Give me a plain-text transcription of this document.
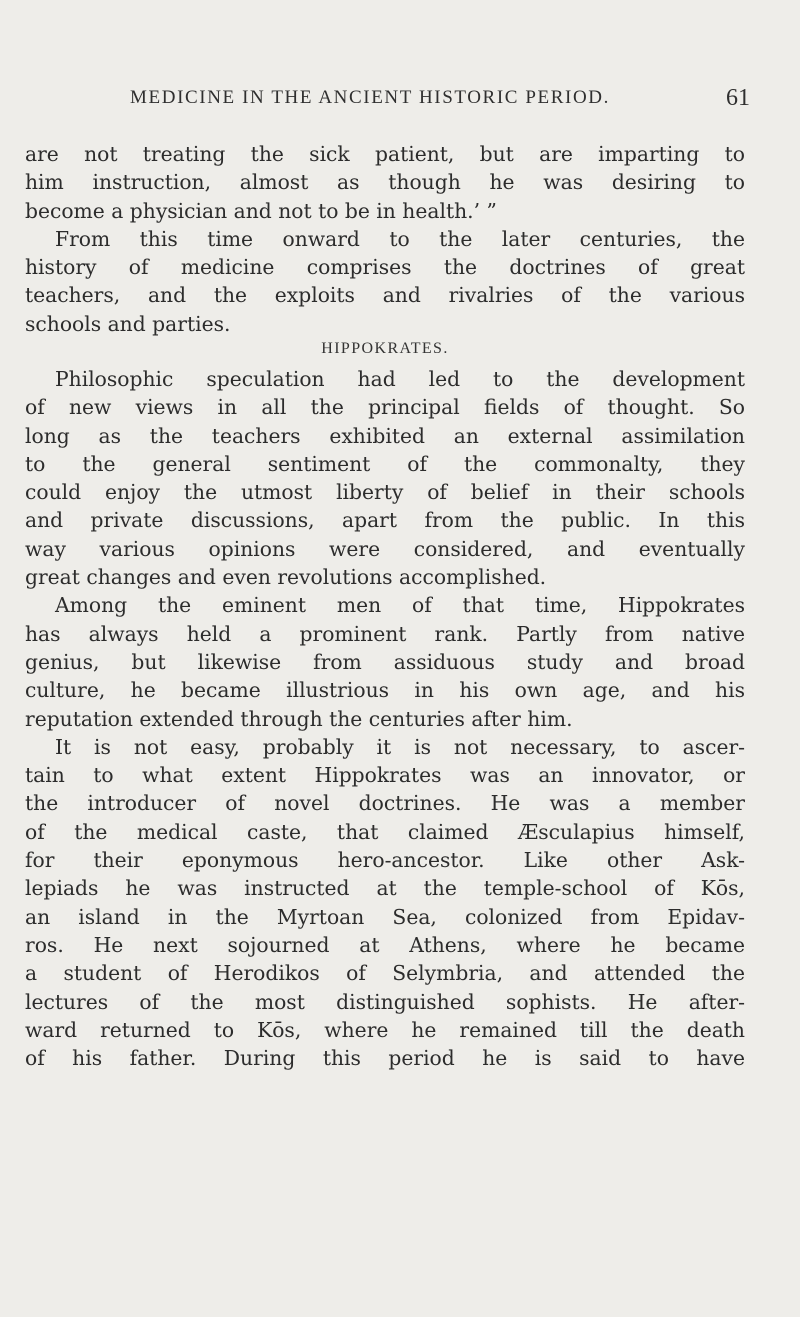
MEDICINE IN THE ANCIENT HISTORIC PERIOD.	61
are not treating the sick patient, but are imparting to
him instruction, almost as though he was desiring to
become a physician and not to be in health.’ ”
From this time onward to the later centuries, the
history of medicine comprises the doctrines of great
teachers, and the exploits and rivalries of the various
schools and parties.
HIPPOKRATES.
Philosophic speculation had led to the development
of new views in all the principal fields of thought. So
long as the teachers exhibited an external assimilation
to the general sentiment of the commonalty, they
could enjoy the utmost liberty of belief in their schools
and private discussions, apart from the public. In this
way various opinions were considered, and eventually
great changes and even revolutions accomplished.
Among the eminent men of that time, Hippokrates
has always held a prominent rank. Partly from native
genius, but likewise from assiduous study and broad
culture, he became illustrious in his own age, and his
reputation extended through the centuries after him.
It is not easy, probably it is not necessary, to ascer-
tain to what extent Hippokrates was an innovator, or
the introducer of novel doctrines. He was a member
of the medical caste, that claimed Æsculapius himself,
for their eponymous hero-ancestor. Like other Ask-
lepiads he was instructed at the temple-school of Kōs,
an island in the Myrtoan Sea, colonized from Epidav-
ros. He next sojourned at Athens, where he became
a student of Herodikos of Selymbria, and attended the
lectures of the most distinguished sophists. He after-
ward returned to Kōs, where he remained till the death
of his father. During this period he is said to have
